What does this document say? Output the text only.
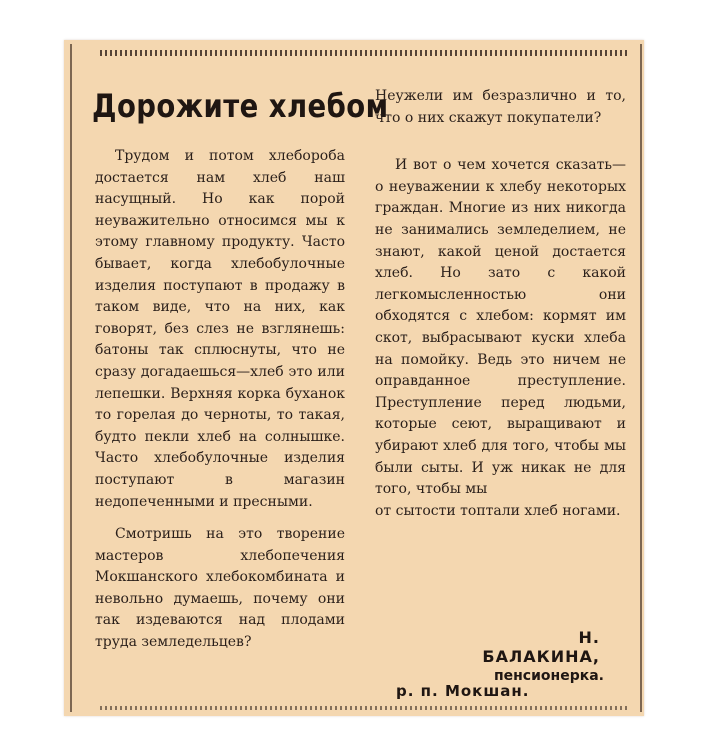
Дорожите хлебом

Трудом и потом хлебороба достается нам хлеб наш насущный. Но как порой неуважительно относимся мы к этому главному продукту. Часто бывает, когда хлебобулочные изделия поступают в продажу в таком виде, что на них, как говорят, без слез не взглянешь: батоны так сплюснуты, что не сразу догадаешься—хлеб это или лепешки. Верхняя корка буханок то горелая до черноты, то такая, будто пекли хлеб на солнышке. Часто хлебобулочные изделия поступают в магазин недопеченными и пресными.

Смотришь на это творение мастеров хлебопечения Мокшанского хлебокомбината и невольно думаешь, почему они так издеваются над плодами труда земледельцев?

Неужели им безразлично и то, что о них скажут покупатели?

И вот о чем хочется сказать—о неуважении к хлебу некоторых граждан. Многие из них никогда не занимались земледелием, не знают, какой ценой достается хлеб. Но зато с какой легкомысленностью они обходятся с хлебом: кормят им скот, выбрасывают куски хлеба на помойку. Ведь это ничем не оправданное преступление. Преступление перед людьми, которые сеют, выращивают и убирают хлеб для того, чтобы мы были сыты. И уж никак не для того, чтобы мы

от сытости топтали хлеб ногами.

Н. БАЛАКИНА,
пенсионерка.
р. п. Мокшан.
